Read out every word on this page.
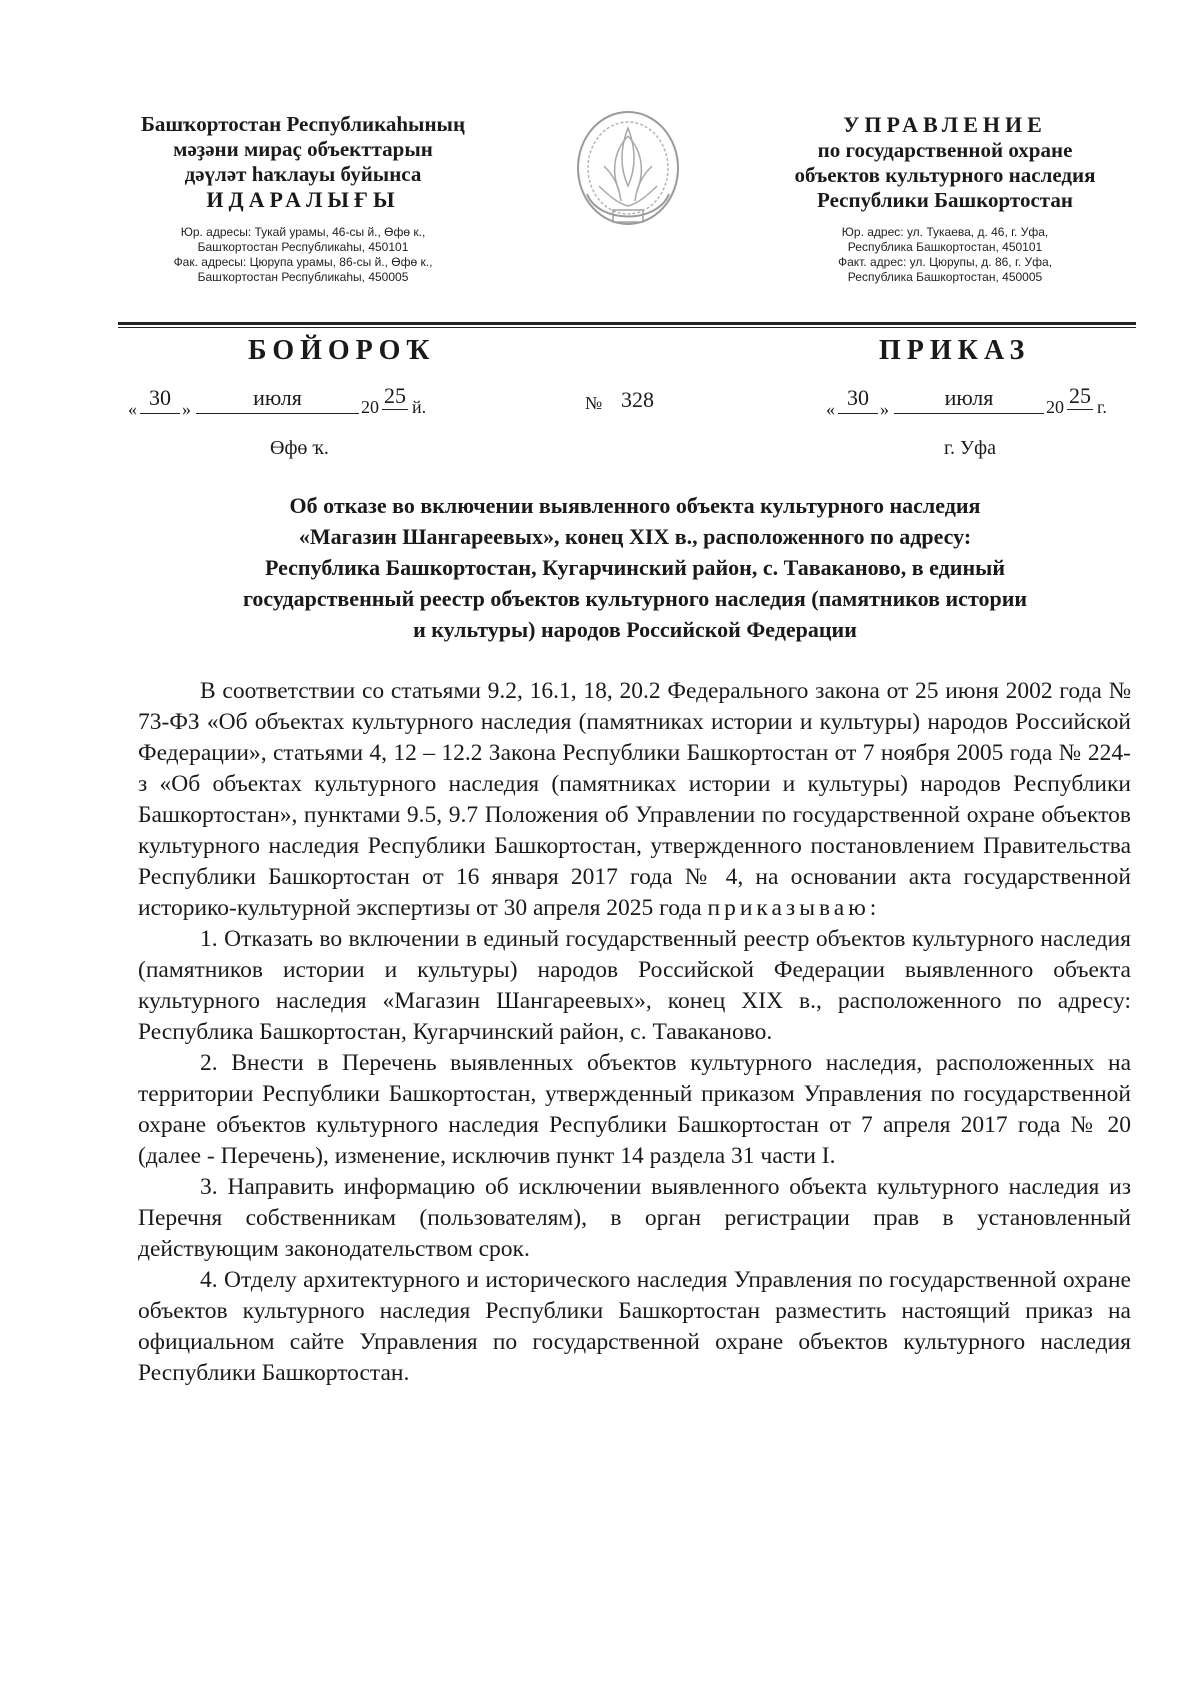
Башҡортостан Республикаһының
мәҙәни мираҫ объекттарын
дәүләт һаҡлауы буйынса
ИДАРАЛЫҒЫ
Юр. адресы: Тукай урамы, 46-сы й., Өфө к.,
Башҡортостан Республикаһы, 450101
Фак. адресы: Цюрупа урамы, 86-сы й., Өфө к.,
Башҡортостан Республикаһы, 450005
УПРАВЛЕНИЕ
по государственной охране
объектов культурного наследия
Республики Башкортостан
Юр. адрес: ул. Тукаева, д. 46, г. Уфа,
Республика Башкортостан, 450101
Факт. адрес: ул. Цюрупы, д. 86, г. Уфа,
Республика Башкортостан, 450005
БОЙОРОҠ	ПРИКАЗ
« 30 »	июля	20 25 й.	№ 328	« 30 »	июля	20 25 г.
Өфө ҡ.	г. Уфа
Об отказе во включении выявленного объекта культурного наследия
«Магазин Шангареевых», конец XIX в., расположенного по адресу:
Республика Башкортостан, Кугарчинский район, с. Таваканово, в единый
государственный реестр объектов культурного наследия (памятников истории
и культуры) народов Российской Федерации

В соответствии со статьями 9.2, 16.1, 18, 20.2 Федерального закона от 25 июня 2002 года № 73-ФЗ «Об объектах культурного наследия (памятниках истории и культуры) народов Российской Федерации», статьями 4, 12 – 12.2 Закона Республики Башкортостан от 7 ноября 2005 года № 224-з «Об объектах культурного наследия (памятниках истории и культуры) народов Республики Башкортостан», пунктами 9.5, 9.7 Положения об Управлении по государственной охране объектов культурного наследия Республики Башкортостан, утвержденного постановлением Правительства Республики Башкортостан от 16 января 2017 года № 4, на основании акта государственной историко-культурной экспертизы от 30 апреля 2025 года приказываю:

1. Отказать во включении в единый государственный реестр объектов культурного наследия (памятников истории и культуры) народов Российской Федерации выявленного объекта культурного наследия «Магазин Шангареевых», конец XIX в., расположенного по адресу: Республика Башкортостан, Кугарчинский район, с. Таваканово.

2. Внести в Перечень выявленных объектов культурного наследия, расположенных на территории Республики Башкортостан, утвержденный приказом Управления по государственной охране объектов культурного наследия Республики Башкортостан от 7 апреля 2017 года № 20 (далее - Перечень), изменение, исключив пункт 14 раздела 31 части I.

3. Направить информацию об исключении выявленного объекта культурного наследия из Перечня собственникам (пользователям), в орган регистрации прав в установленный действующим законодательством срок.

4. Отделу архитектурного и исторического наследия Управления по государственной охране объектов культурного наследия Республики Башкортостан разместить настоящий приказ на официальном сайте Управления по государственной охране объектов культурного наследия Республики Башкортостан.
